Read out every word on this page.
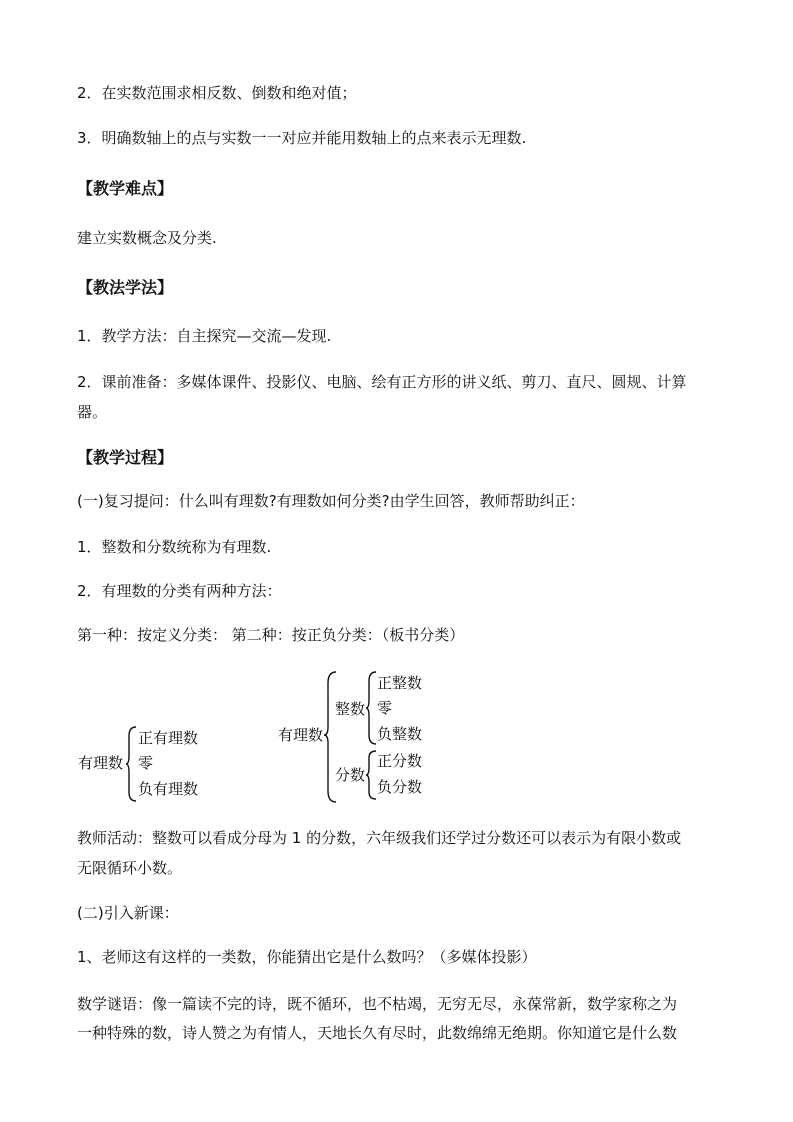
2．在实数范围求相反数、倒数和绝对值；
3．明确数轴上的点与实数一一对应并能用数轴上的点来表示无理数.
【教学难点】
建立实数概念及分类.
【教法学法】
1．教学方法：自主探究—交流—发现.
2．课前准备：多媒体课件、投影仪、电脑、绘有正方形的讲义纸、剪刀、直尺、圆规、计算
器。
【教学过程】
(一)复习提问：什么叫有理数?有理数如何分类?由学生回答，教师帮助纠正：
1．整数和分数统称为有理数.
2．有理数的分类有两种方法：
第一种：按定义分类： 第二种：按正负分类：（板书分类）
有理数
正有理数
零
负有理数
有理数
整数
正整数
零
负整数
分数
正分数
负分数
教师活动：整数可以看成分母为 1 的分数，六年级我们还学过分数还可以表示为有限小数或
无限循环小数。
(二)引入新课：
1、老师这有这样的一类数，你能猜出它是什么数吗？（多媒体投影）
数学谜语：像一篇读不完的诗，既不循环，也不枯竭，无穷无尽，永葆常新，数学家称之为
一种特殊的数，诗人赞之为有情人，天地长久有尽时，此数绵绵无绝期。你知道它是什么数
